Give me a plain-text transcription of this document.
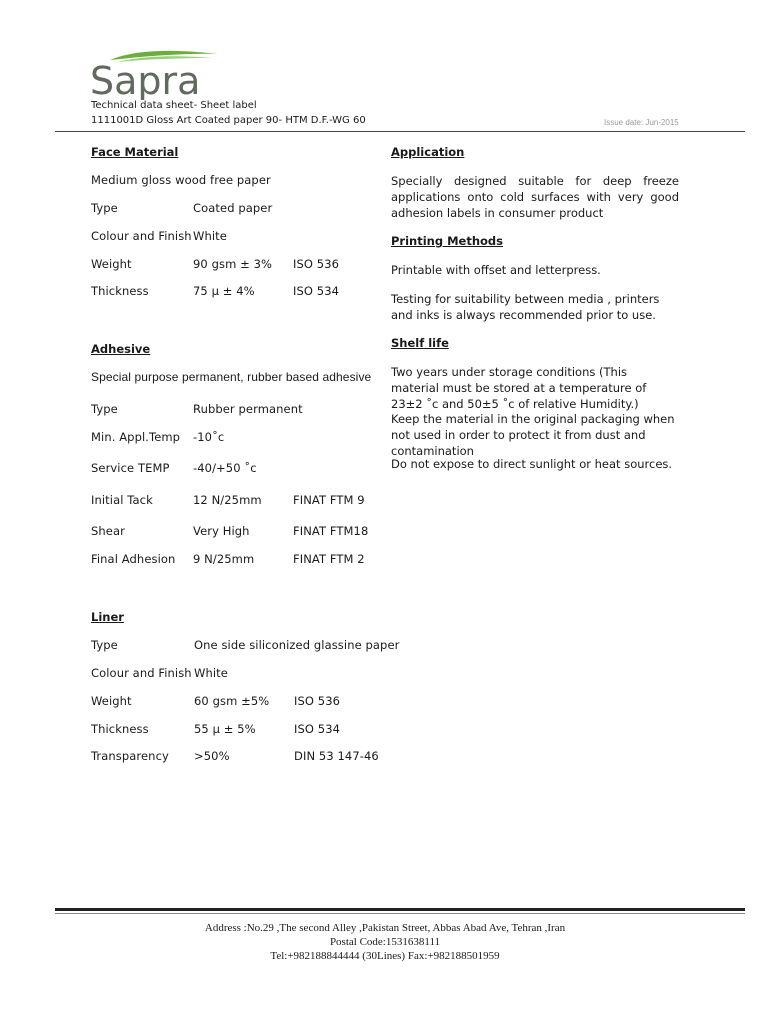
Sapra
Technical data sheet- Sheet label
1111001D Gloss Art Coated paper 90- HTM D.F.-WG 60	Issue date: Jun-2015
Face Material
Medium gloss wood free paper
Type	Coated paper
Colour and Finish White
Weight	90 gsm ± 3% ISO 536
Thickness	75 µ ± 4%	ISO 534
Adhesive
Special purpose permanent, rubber based adhesive
Type	Rubber permanent
Min. Appl.Temp -10˚c
Service TEMP -40/+50 ˚c
Initial Tack	12 N/25mm	FINAT FTM 9
Shear	Very High	FINAT FTM18
Final Adhesion 9 N/25mm	FINAT FTM 2
Liner
Type	One side siliconized glassine paper
Colour and Finish White
Weight	60 gsm ±5% ISO 536
Thickness	55 µ ± 5%	ISO 534
Transparency >50%	DIN 53 147-46
Application
Specially designed suitable for deep freeze applications onto cold surfaces with very good adhesion labels in consumer product
Printing Methods
Printable with offset and letterpress.
Testing for suitability between media , printers and inks is always recommended prior to use.
Shelf life
Two years under storage conditions (This material must be stored at a temperature of 23±2 ˚c and 50±5 ˚c of relative Humidity.)
Keep the material in the original packaging when not used in order to protect it from dust and contamination
Do not expose to direct sunlight or heat sources.
Address :No.29 ,The second Alley ,Pakistan Street, Abbas Abad Ave, Tehran ,Iran
Postal Code:1531638111
Tel:+982188844444 (30Lines) Fax:+982188501959
